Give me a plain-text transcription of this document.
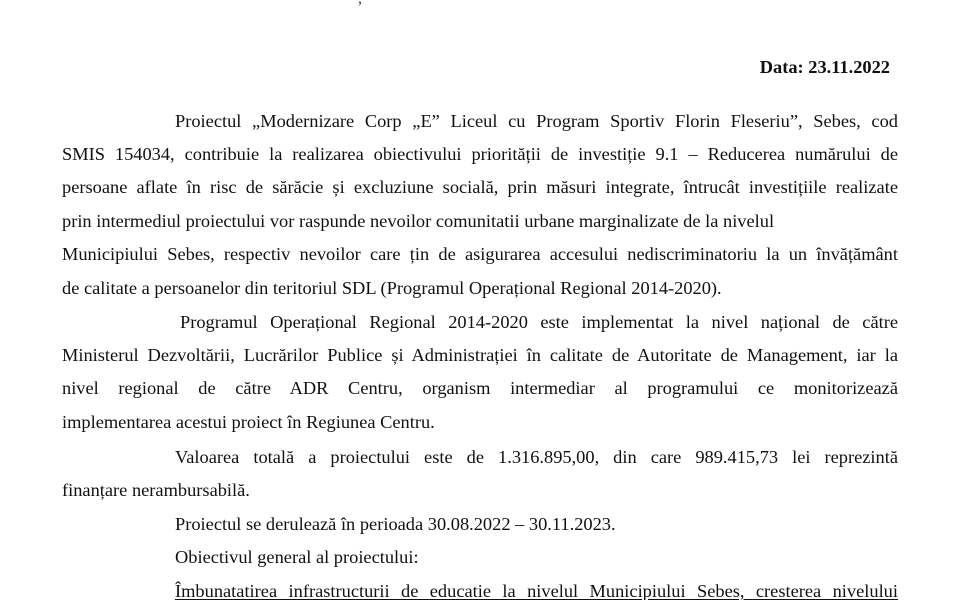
Data: 23.11.2022
Proiectul „Modernizare Corp „E” Liceul cu Program Sportiv Florin Fleseriu”, Sebes, cod
SMIS 154034, contribuie la realizarea obiectivului priorității de investiție 9.1 – Reducerea numărului de
persoane aflate în risc de sărăcie și excluziune socială, prin măsuri integrate, întrucât investițiile realizate
prin intermediul proiectului vor raspunde nevoilor comunitatii urbane marginalizate de la nivelul
Municipiului Sebes, respectiv nevoilor care țin de asigurarea accesului nediscriminatoriu la un învățământ
de calitate a persoanelor din teritoriul SDL (Programul Operațional Regional 2014-2020).
Programul Operațional Regional 2014-2020 este implementat la nivel național de către
Ministerul Dezvoltării, Lucrărilor Publice și Administrației în calitate de Autoritate de Management, iar la
nivel regional de către ADR Centru, organism intermediar al programului ce monitorizează
implementarea acestui proiect în Regiunea Centru.
Valoarea totală a proiectului este de 1.316.895,00, din care 989.415,73 lei reprezintă
finanțare nerambursabilă.
Proiectul se derulează în perioada 30.08.2022 – 30.11.2023.
Obiectivul general al proiectului:
Îmbunatatirea infrastructurii de educatie la nivelul Municipiului Sebes, cresterea nivelului
